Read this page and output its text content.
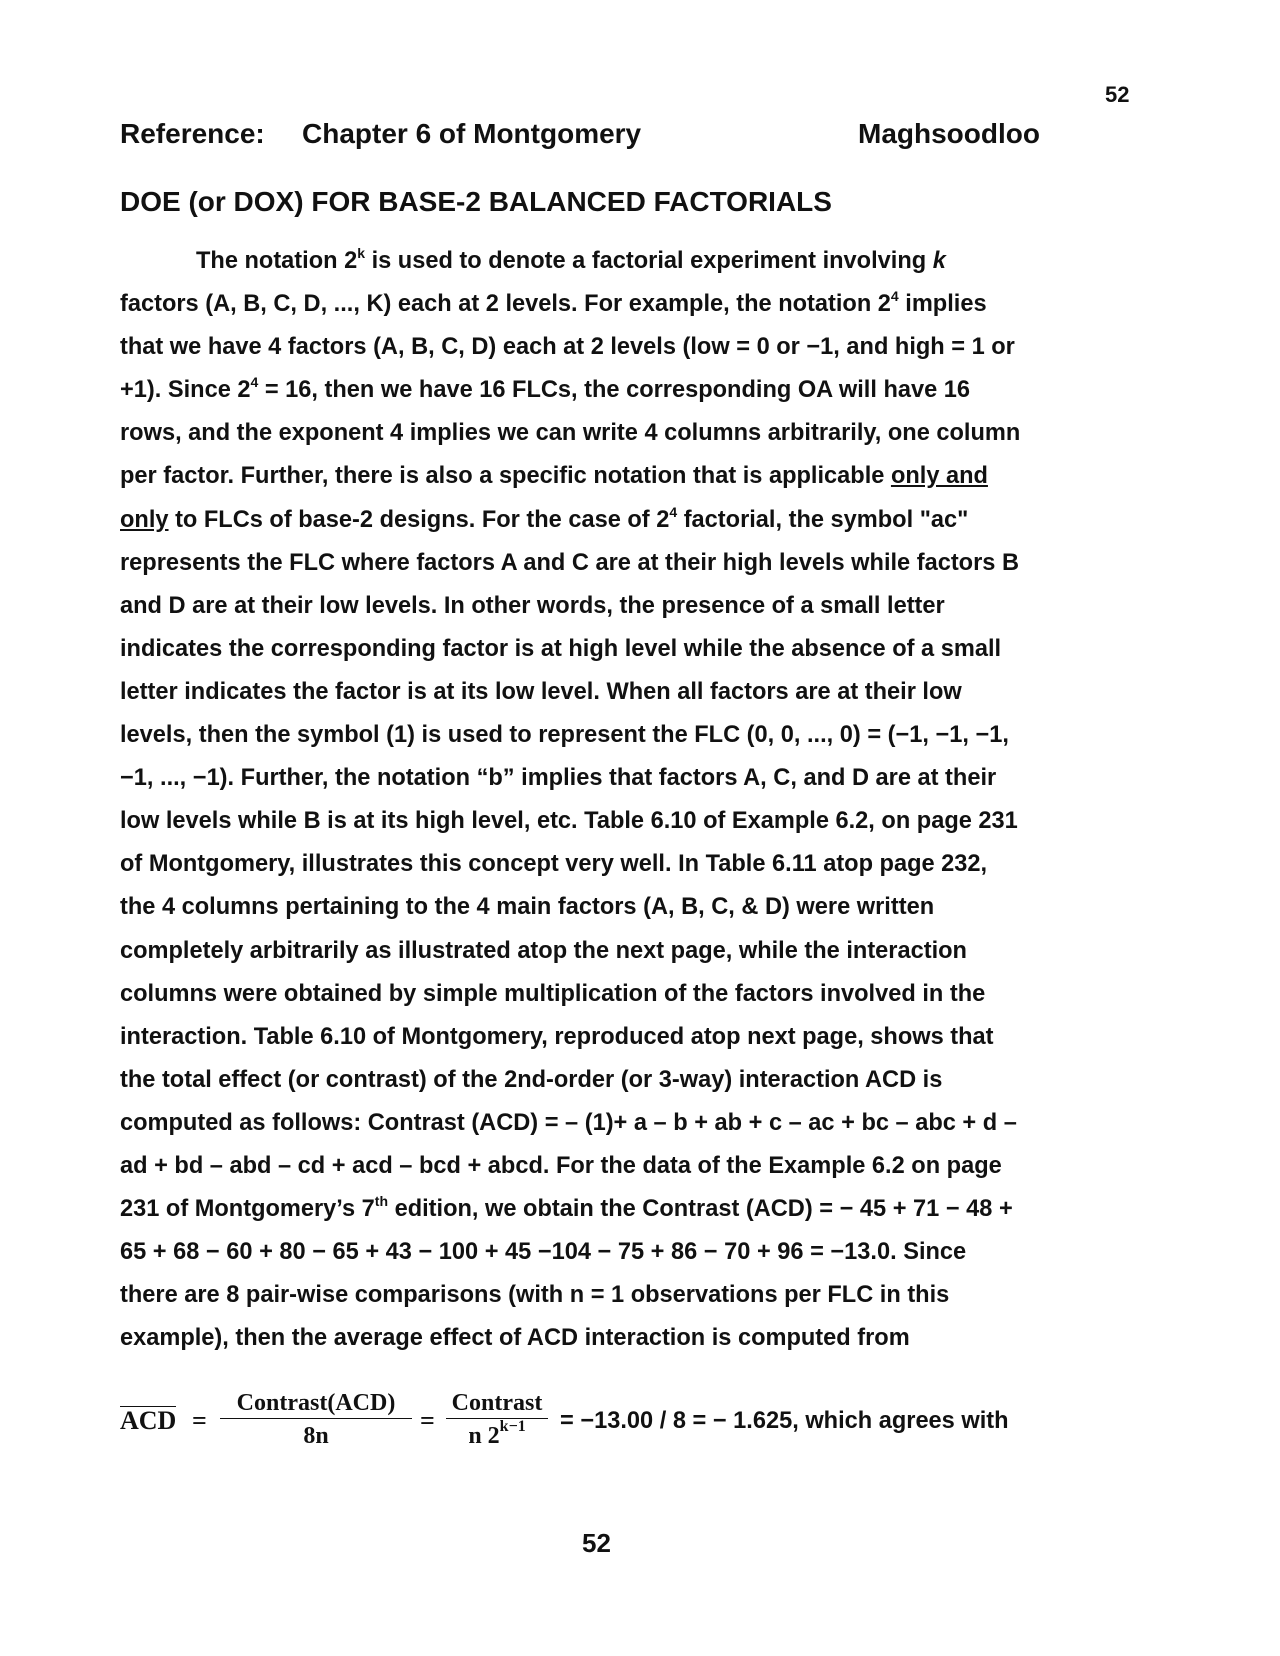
52
Reference: Chapter 6 of Montgomery	Maghsoodloo
DOE (or DOX) FOR BASE-2 BALANCED FACTORIALS
The notation 2$^k$ is used to denote a factorial experiment involving k
factors (A, B, C, D, ..., K) each at 2 levels. For example, the notation $2^4$ implies
that we have 4 factors (A, B, C, D) each at 2 levels (low = 0 or −1, and high = 1 or
+1). Since $2^4 = 16$, then we have 16 FLCs, the corresponding OA will have 16
rows, and the exponent 4 implies we can write 4 columns arbitrarily, one column
per factor. Further, there is also a specific notation that is applicable only and
only to FLCs of base-2 designs. For the case of $2^4$ factorial, the symbol "ac"
represents the FLC where factors A and C are at their high levels while factors B
and D are at their low levels. In other words, the presence of a small letter
indicates the corresponding factor is at high level while the absence of a small
letter indicates the factor is at its low level. When all factors are at their low
levels, then the symbol (1) is used to represent the FLC (0, 0, ..., 0) = (−1, −1, −1,
−1, ..., −1). Further, the notation “b” implies that factors A, C, and D are at their
low levels while B is at its high level, etc. Table 6.10 of Example 6.2, on page 231
of Montgomery, illustrates this concept very well. In Table 6.11 atop page 232,
the 4 columns pertaining to the 4 main factors (A, B, C, & D) were written
completely arbitrarily as illustrated atop the next page, while the interaction
columns were obtained by simple multiplication of the factors involved in the
interaction. Table 6.10 of Montgomery, reproduced atop next page, shows that
the total effect (or contrast) of the 2nd-order (or 3-way) interaction ACD is
computed as follows: Contrast (ACD) = – (1)+ a – b + ab + c – ac + bc – abc + d –
ad + bd – abd – cd + acd – bcd + abcd. For the data of the Example 6.2 on page
231 of Montgomery’s 7th edition, we obtain the Contrast (ACD) = − 45 + 71 − 48 +
65 + 68 − 60 + 80 − 65 + 43 − 100 + 45 −104 − 75 + 86 − 70 + 96 = −13.0. Since
there are 8 pair-wise comparisons (with n = 1 observations per FLC in this
example), then the average effect of ACD interaction is computed from
ACD =
Contrast(ACD)
8n
=
Contrast
n $2^{k-1}$	= −13.00 / 8 = − 1.625, which agrees with
52
